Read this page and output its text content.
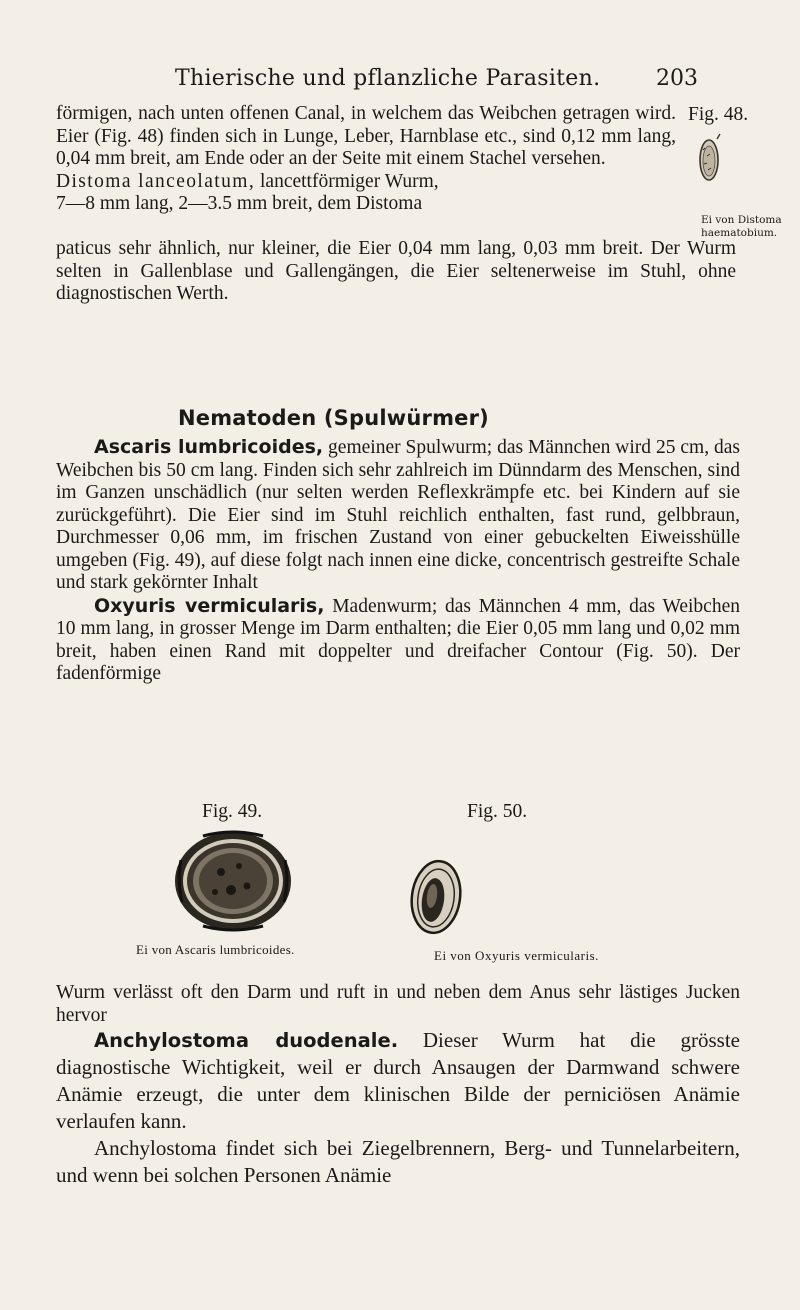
Thierische und pflanzliche Parasiten.	203
förmigen, nach unten offenen Canal, in welchem das Weibchen getragen wird. Eier (Fig. 48) finden sich in Lunge, Leber, Harnblase etc., sind 0,12 mm lang, 0,04 mm breit, am Ende oder an der Seite mit einem Stachel versehen.
Distoma lanceolatum, lancettförmiger Wurm,
7—8 mm lang, 2—3.5 mm breit, dem Distoma
Fig. 48.
Ei von Distoma
haematobium.
paticus sehr ähnlich, nur kleiner, die Eier 0,04 mm lang, 0,03 mm breit. Der Wurm selten in Gallenblase und Gallengängen, die Eier seltenerweise im Stuhl, ohne diagnostischen Werth.
Nematoden (Spulwürmer)

Ascaris lumbricoides, gemeiner Spulwurm; das Männchen wird 25 cm, das Weibchen bis 50 cm lang. Finden sich sehr zahlreich im Dünndarm des Menschen, sind im Ganzen unschädlich (nur selten werden Reflexkrämpfe etc. bei Kindern auf sie zurückgeführt). Die Eier sind im Stuhl reichlich enthalten, fast rund, gelbbraun, Durchmesser 0,06 mm, im frischen Zustand von einer gebuckelten Eiweisshülle umgeben (Fig. 49), auf diese folgt nach innen eine dicke, concentrisch gestreifte Schale und stark gekörnter Inhalt

Oxyuris vermicularis, Madenwurm; das Männchen 4 mm, das Weibchen 10 mm lang, in grosser Menge im Darm enthalten; die Eier 0,05 mm lang und 0,02 mm breit, haben einen Rand mit doppelter und dreifacher Contour (Fig. 50). Der fadenförmige

Fig. 49.	Fig. 50.
Ei von Ascaris lumbricoides.	Ei von Oxyuris vermicularis.

Wurm verlässt oft den Darm und ruft in und neben dem Anus sehr lästiges Jucken hervor

Anchylostoma duodenale. Dieser Wurm hat die grösste diagnostische Wichtigkeit, weil er durch Ansaugen der Darmwand schwere Anämie erzeugt, die unter dem klinischen Bilde der perniciösen Anämie verlaufen kann.

Anchylostoma findet sich bei Ziegelbrennern, Berg- und Tunnelarbeitern, und wenn bei solchen Personen Anämie
